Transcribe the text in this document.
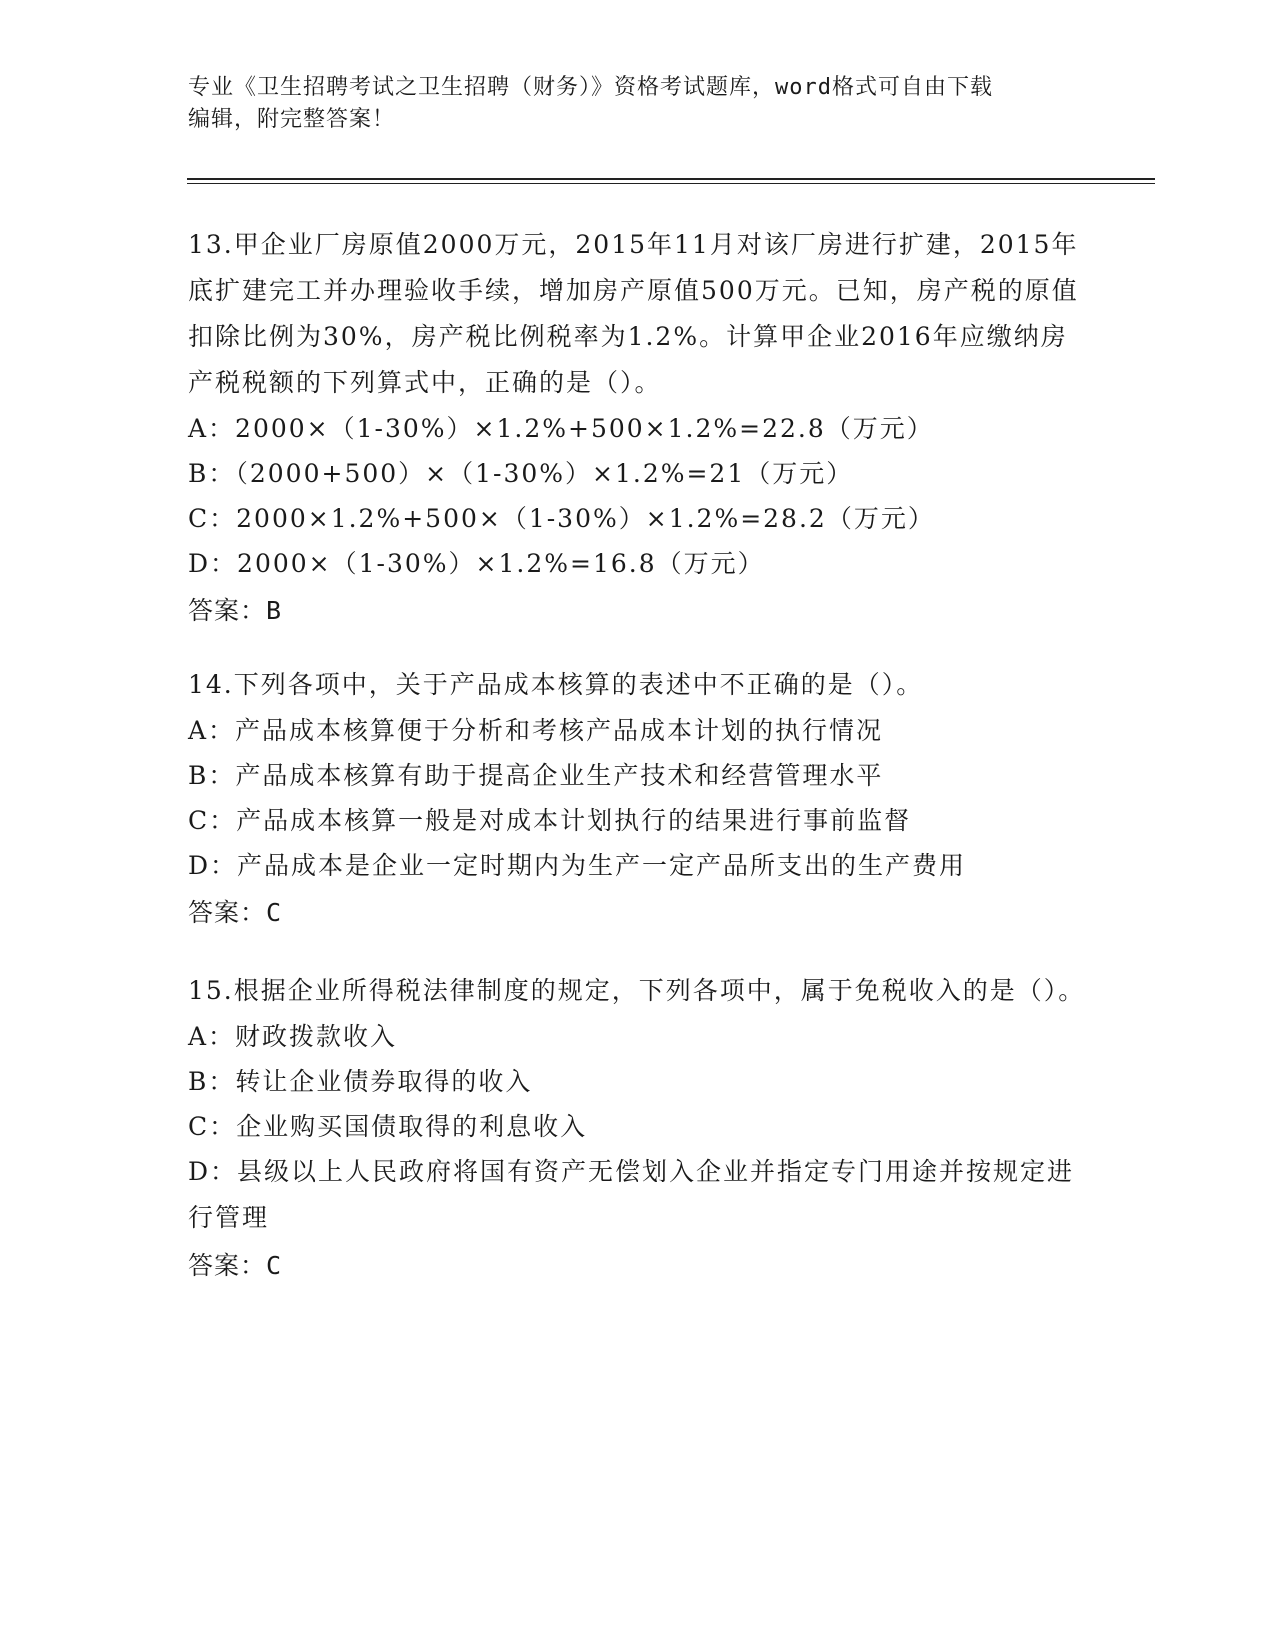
专业《卫生招聘考试之卫生招聘（财务）》资格考试题库，word格式可自由下载
编辑，附完整答案！
13.甲企业厂房原值2000万元，2015年11月对该厂房进行扩建，2015年底扩建完工并办理验收手续，增加房产原值500万元。已知，房产税的原值扣除比例为30%，房产税比例税率为1.2%。计算甲企业2016年应缴纳房产税税额的下列算式中，正确的是（）。
A：2000×（1-30%）×1.2%+500×1.2%=22.8（万元）
B：（2000+500）×（1-30%）×1.2%=21（万元）
C：2000×1.2%+500×（1-30%）×1.2%=28.2（万元）
D：2000×（1-30%）×1.2%=16.8（万元）
答案：B
14.下列各项中，关于产品成本核算的表述中不正确的是（）。
A：产品成本核算便于分析和考核产品成本计划的执行情况
B：产品成本核算有助于提高企业生产技术和经营管理水平
C：产品成本核算一般是对成本计划执行的结果进行事前监督
D：产品成本是企业一定时期内为生产一定产品所支出的生产费用
答案：C
15.根据企业所得税法律制度的规定，下列各项中，属于免税收入的是（）。
A：财政拨款收入
B：转让企业债券取得的收入
C：企业购买国债取得的利息收入
D：县级以上人民政府将国有资产无偿划入企业并指定专门用途并按规定进行管理
答案：C
